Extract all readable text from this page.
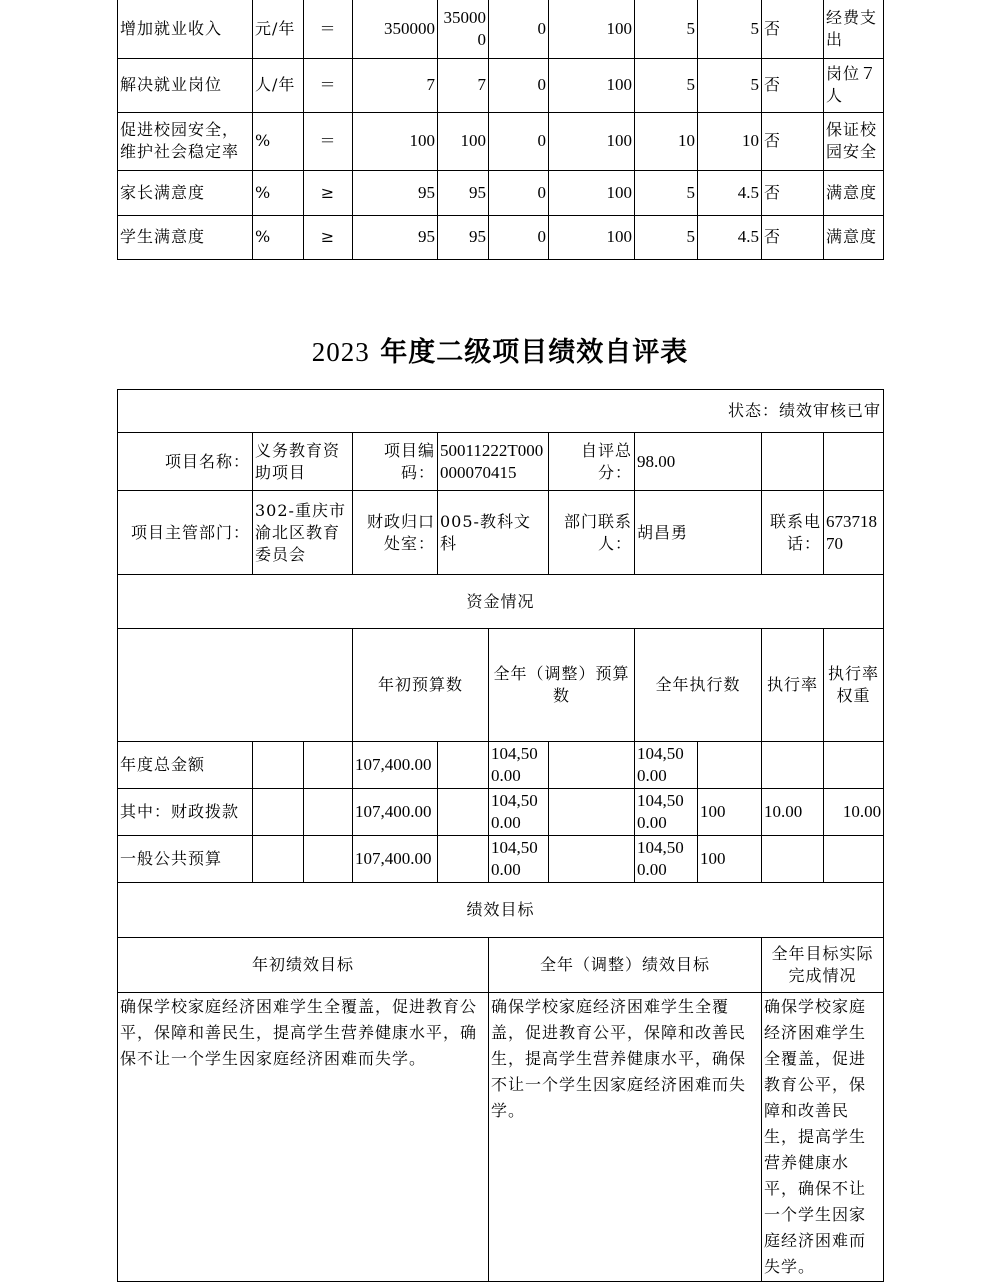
增加就业收入	元/年	＝	350000	350000	0	100	5	5	否	经费支出
解决就业岗位	人/年	＝	7	7	0	100	5	5	否	岗位７人
促进校园安全，维护社会稳定率	%	＝	100	100	0	100	10	10	否	保证校园安全
家长满意度	%	≥	95	95	0	100	5	4.5	否	满意度
学生满意度	%	≥	95	95	0	100	5	4.5	否	满意度
2023 年度二级项目绩效自评表
状态：绩效审核已审											
项目名称：	义务教育资助项目		项目编码：	50011222T000000070415		自评总分：	98.00				
项目主管部门：	302-重庆市渝北区教育委员会		财政归口处室：	005-教科文科		部门联系人：	胡昌勇		联系电话：	67371870	
资金情况											
			年初预算数		全年（调整）预算数		全年执行数		执行率	执行率权重	
年度总金额			107,400.00		104,500.00		104,500.00				
其中：财政拨款			107,400.00		104,500.00		104,500.00	100	10.00	10.00	
一般公共预算			107,400.00		104,500.00		104,500.00	100			
绩效目标											
年初绩效目标					全年（调整）绩效目标				全年目标实际完成情况		
确保学校家庭经济困难学生全覆盖，促进教育公平，保障和善民生，提高学生营养健康水平，确保不让一个学生因家庭经济困难而失学。					确保学校家庭经济困难学生全覆盖，促进教育公平，保障和改善民生，提高学生营养健康水平，确保不让一个学生因家庭经济困难而失学。				确保学校家庭经济困难学生全覆盖，促进教育公平，保障和改善民生，提高学生营养健康水平，确保不让一个学生因家庭经济困难而失学。		
